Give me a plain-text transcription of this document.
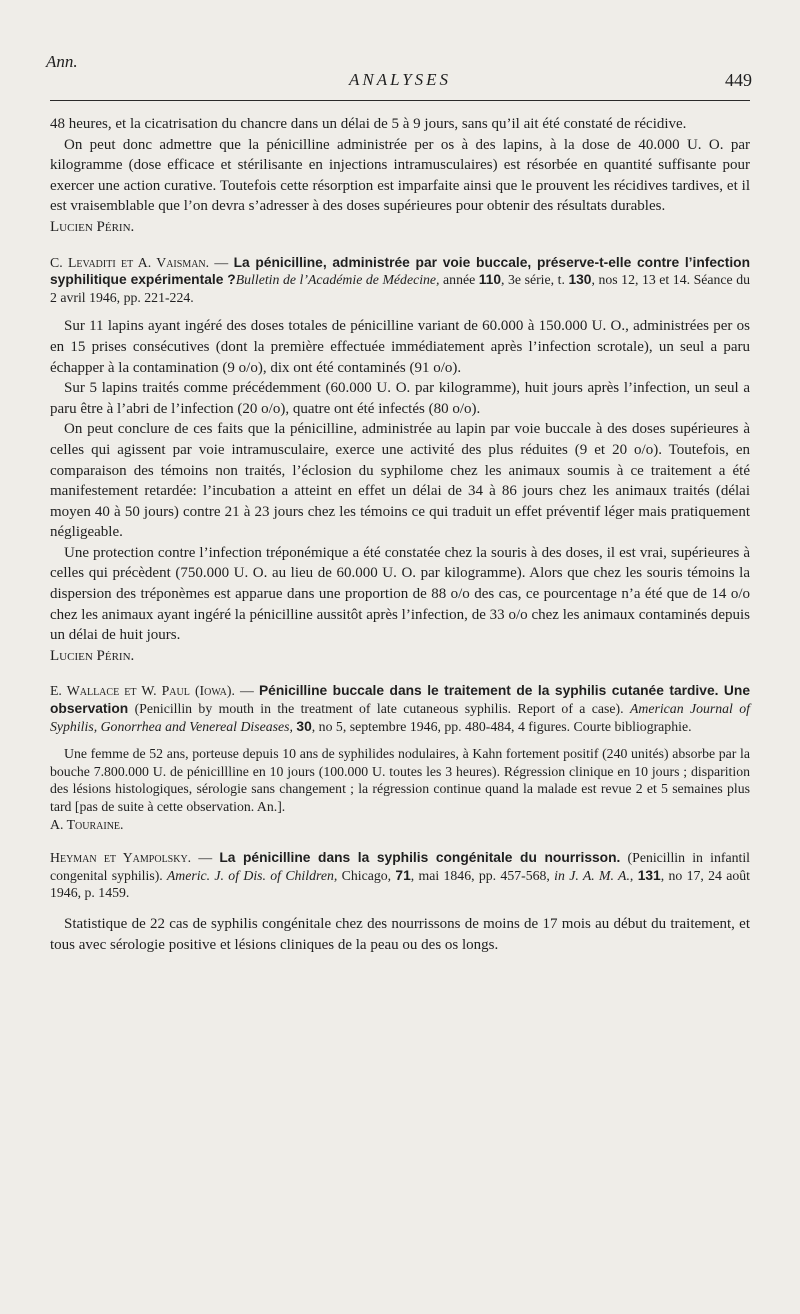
Ann.
ANALYSES	449

48 heures, et la cicatrisation du chancre dans un délai de 5 à 9 jours, sans qu’il ait été constaté de récidive.

On peut donc admettre que la pénicilline administrée per os à des lapins, à la dose de 40.000 U. O. par kilogramme (dose efficace et stérilisante en injections intramusculaires) est résorbée en quantité suffisante pour exercer une action curative. Toutefois cette résorption est imparfaite ainsi que le prouvent les récidives tardives, et il est vraisemblable que l’on devra s’adresser à des doses supérieures pour obtenir des résultats durables.

Lucien Périn.

C. Levaditi et A. Vaisman. — La pénicilline, administrée par voie buccale, préserve-t-elle contre l’infection syphilitique expérimentale ?Bulletin de l’Académie de Médecine, année 110, 3e série, t. 130, nos 12, 13 et 14. Séance du 2 avril 1946, pp. 221-224.

Sur 11 lapins ayant ingéré des doses totales de pénicilline variant de 60.000 à 150.000 U. O., administrées per os en 15 prises consécutives (dont la première effectuée immédiatement après l’infection scrotale), un seul a paru échapper à la contamination (9 o/o), dix ont été contaminés (91 o/o).

Sur 5 lapins traités comme précédemment (60.000 U. O. par kilogramme), huit jours après l’infection, un seul a paru être à l’abri de l’infection (20 o/o), quatre ont été infectés (80 o/o).

On peut conclure de ces faits que la pénicilline, administrée au lapin par voie buccale à des doses supérieures à celles qui agissent par voie intramusculaire, exerce une activité des plus réduites (9 et 20 o/o). Toutefois, en comparaison des témoins non traités, l’éclosion du syphilome chez les animaux soumis à ce traitement a été manifestement retardée: l’incubation a atteint en effet un délai de 34 à 86 jours chez les animaux traités (délai moyen 40 à 50 jours) contre 21 à 23 jours chez les témoins ce qui traduit un effet préventif léger mais pratiquement négligeable.

Une protection contre l’infection tréponémique a été constatée chez la souris à des doses, il est vrai, supérieures à celles qui précèdent (750.000 U. O. au lieu de 60.000 U. O. par kilogramme). Alors que chez les souris témoins la dispersion des tréponèmes est apparue dans une proportion de 88 o/o des cas, ce pourcentage n’a été que de 14 o/o chez les animaux ayant ingéré la pénicilline aussitôt après l’infection, de 33 o/o chez les animaux contaminés depuis un délai de huit jours.

Lucien Périn.

E. Wallace et W. Paul (Iowa). — Pénicilline buccale dans le traitement de la syphilis cutanée tardive. Une observation (Penicillin by mouth in the treatment of late cutaneous syphilis. Report of a case). American Journal of Syphilis, Gonorrhea and Venereal Diseases, 30, no 5, septembre 1946, pp. 480-484, 4 figures. Courte bibliographie.

Une femme de 52 ans, porteuse depuis 10 ans de syphilides nodulaires, à Kahn fortement positif (240 unités) absorbe par la bouche 7.800.000 U. de pénicillline en 10 jours (100.000 U. toutes les 3 heures). Régression clinique en 10 jours ; disparition des lésions histologiques, sérologie sans changement ; la régression continue quand la malade est revue 2 et 5 semaines plus tard [pas de suite à cette observation. An.].

A. Touraine.

Heyman et Yampolsky. — La pénicilline dans la syphilis congénitale du nourrisson. (Penicillin in infantil congenital syphilis). Americ. J. of Dis. of Children, Chicago, 71, mai 1846, pp. 457-568, in J. A. M. A., 131, no 17, 24 août 1946, p. 1459.

Statistique de 22 cas de syphilis congénitale chez des nourrissons de moins de 17 mois au début du traitement, et tous avec sérologie positive et lésions cliniques de la peau ou des os longs.
